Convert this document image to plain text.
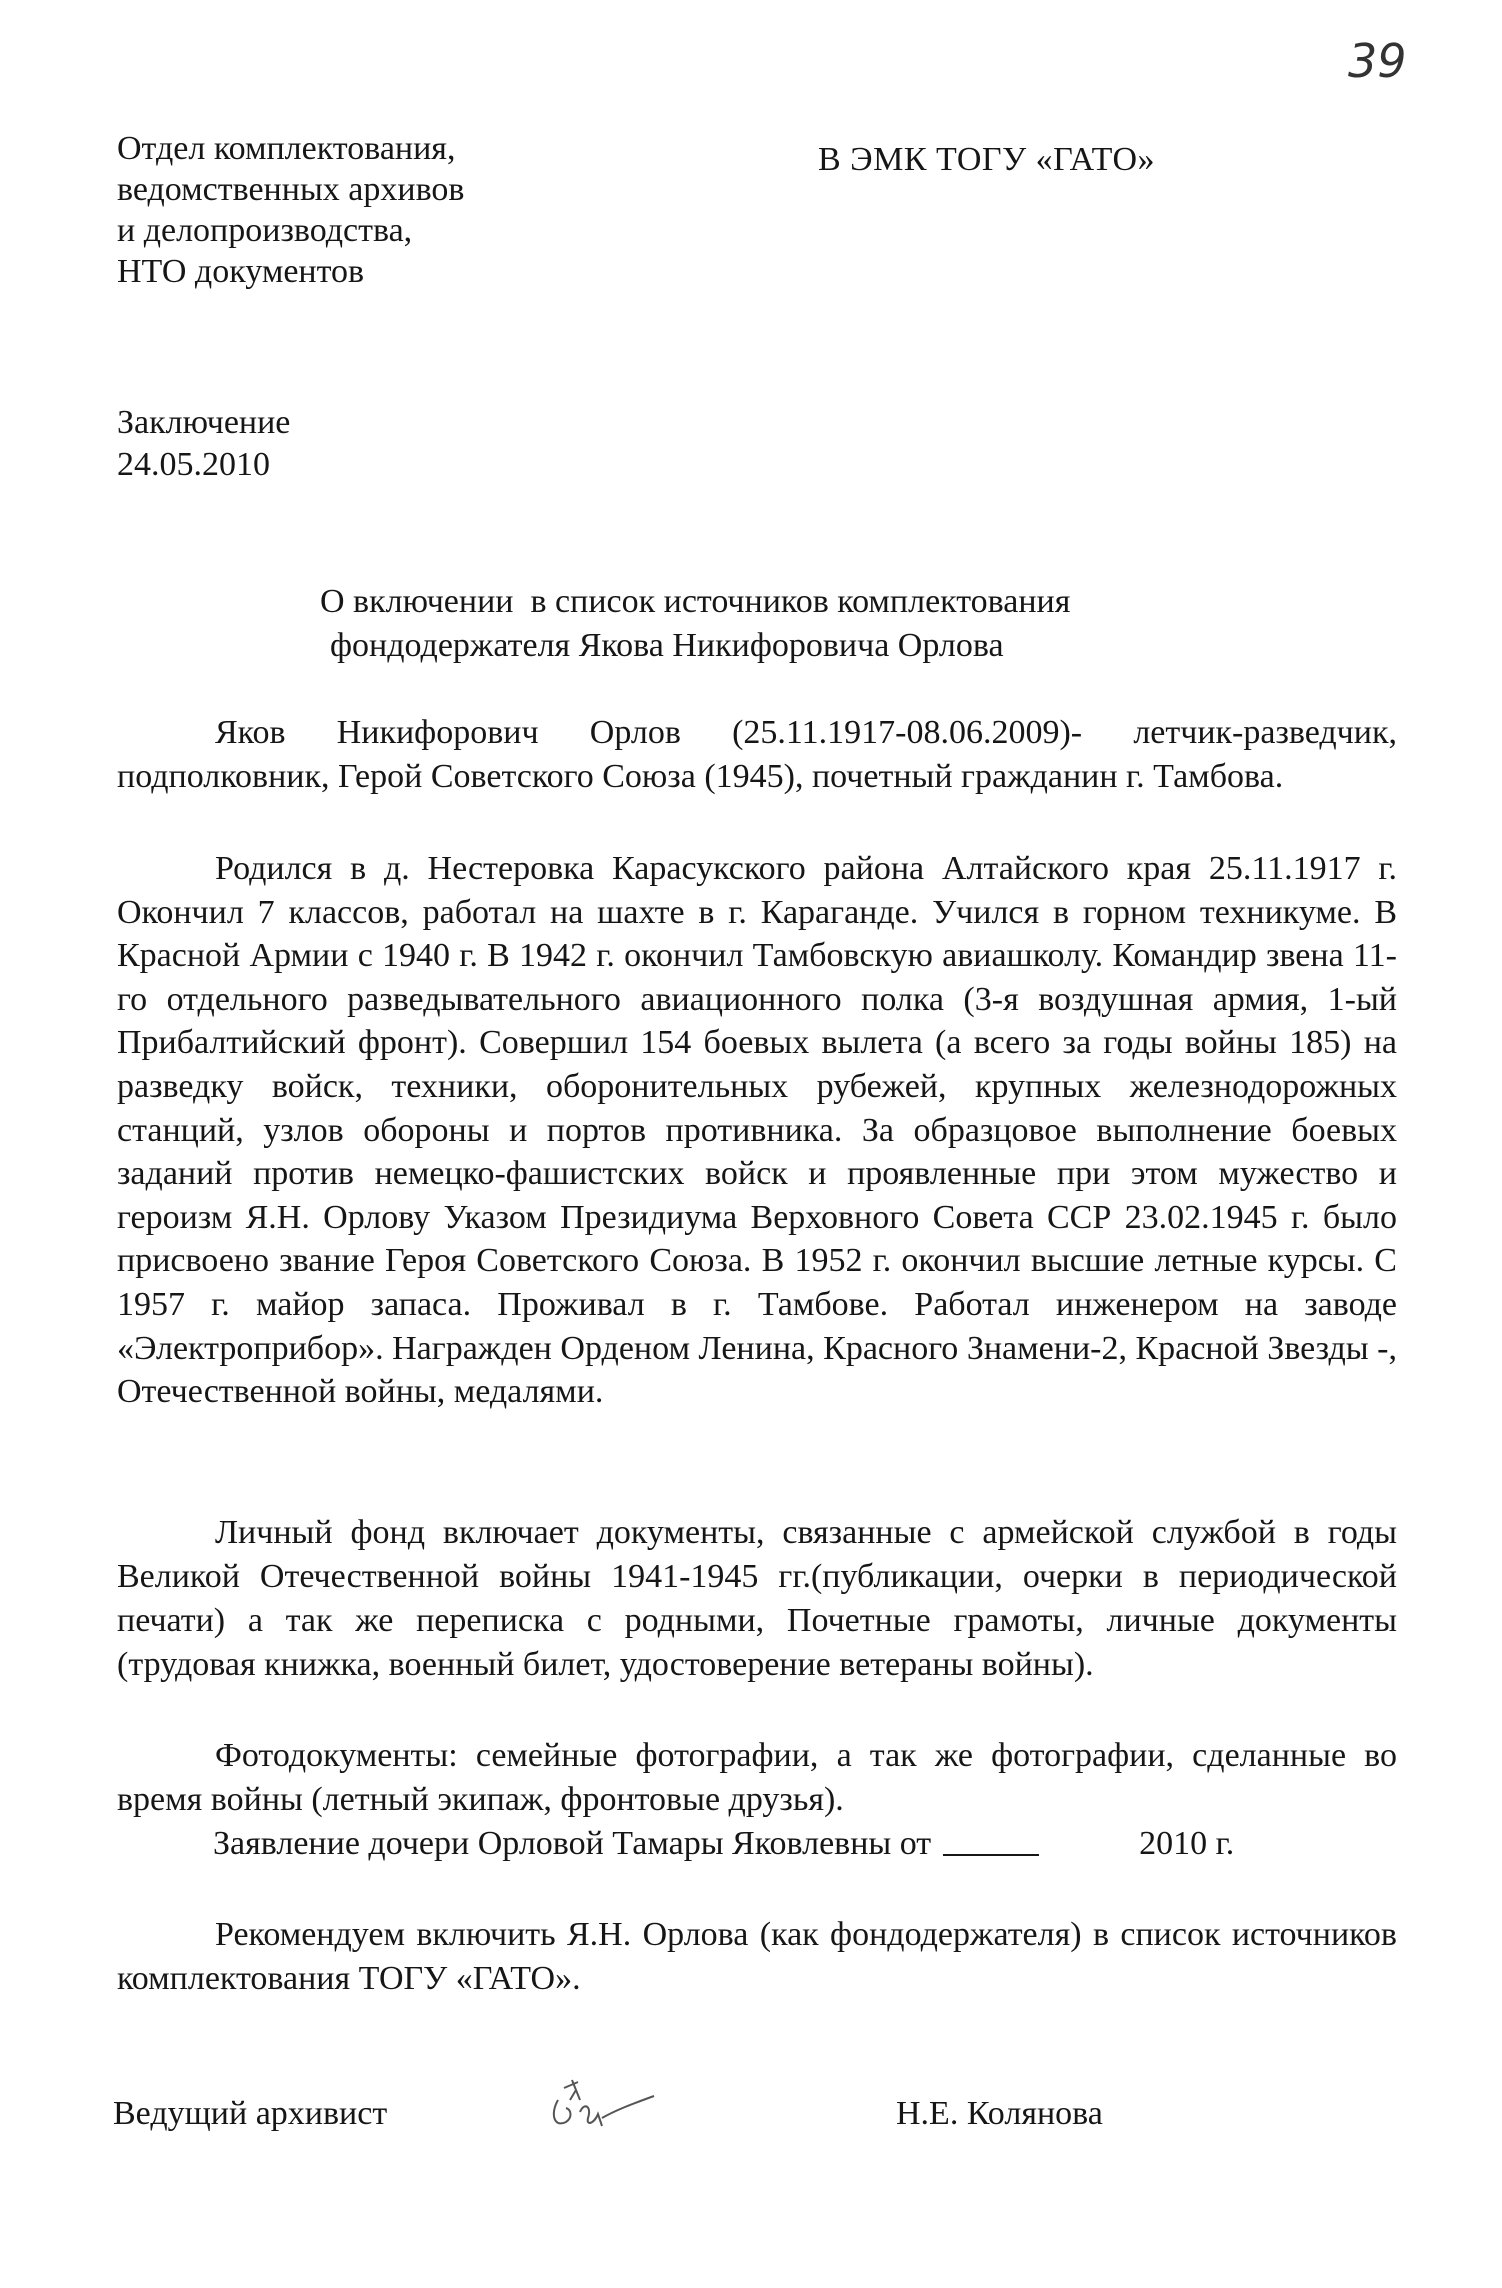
39
Отдел комплектования,
ведомственных архивов
и делопроизводства,
НТО документов
В ЭМК ТОГУ «ГАТО»
Заключение
24.05.2010
О включении  в список источников комплектования
фондодержателя Якова Никифоровича Орлова
Яков Никифорович Орлов (25.11.1917-08.06.2009)- летчик-разведчик, подполковник, Герой Советского Союза (1945), почетный гражданин г. Тамбова.
Родился в д. Нестеровка Карасукского района Алтайского края 25.11.1917 г. Окончил 7 классов, работал на шахте в г. Караганде. Учился в горном техникуме. В Красной Армии с 1940 г. В 1942 г. окончил Тамбовскую авиашколу. Командир звена 11-го отдельного разведывательного авиационного полка (3-я воздушная армия, 1-ый Прибалтийский фронт). Совершил 154 боевых вылета (а всего за годы войны 185) на разведку войск, техники, оборонительных рубежей, крупных железнодорожных станций, узлов обороны и портов противника. За образцовое выполнение боевых заданий против немецко-фашистских войск и проявленные при этом мужество и героизм Я.Н. Орлову Указом Президиума Верховного Совета ССР 23.02.1945 г. было присвоено звание Героя Советского Союза. В 1952 г. окончил высшие летные курсы. С 1957 г. майор запаса. Проживал в г. Тамбове. Работал инженером на заводе «Электроприбор». Награжден Орденом Ленина, Красного Знамени-2, Красной Звезды -, Отечественной войны, медалями.
Личный фонд включает документы, связанные с армейской службой в годы Великой Отечественной войны 1941-1945 гг.(публикации, очерки в периодической печати) а так же переписка с родными, Почетные грамоты, личные документы (трудовая книжка, военный билет, удостоверение ветераны войны).
Фотодокументы: семейные фотографии, а так же фотографии, сделанные во время войны (летный экипаж, фронтовые друзья).
Заявление дочери Орловой Тамары Яковлевны от	2010 г.
Рекомендуем включить Я.Н. Орлова (как фондодержателя) в список источников комплектования ТОГУ «ГАТО».
Ведущий архивист	Н.Е. Колянова
